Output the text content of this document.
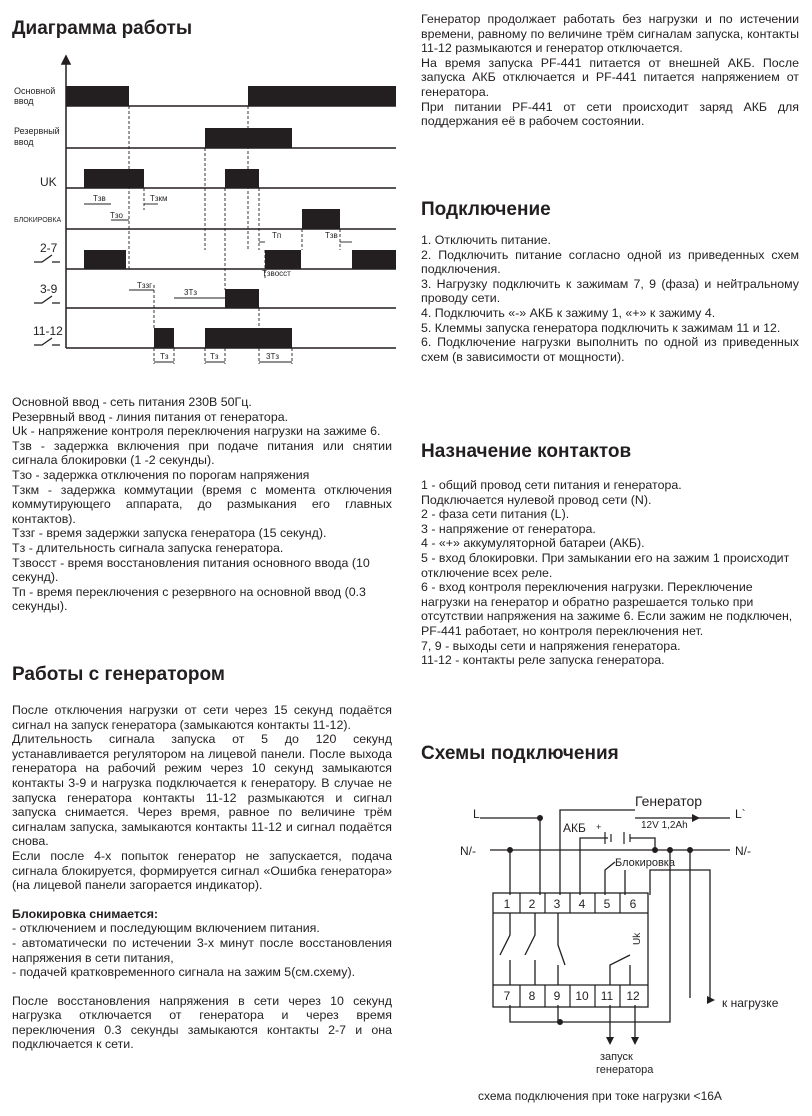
Диаграмма работы
Основной
ввод
Резервный
ввод
UK
БЛОКИРОВКА
2-7
3-9
11-12
Tзв	Tзкм
Tзо
Tп	Tзв
Tзвосст
Tззг
3Tз
Tз	Tз	3Tз

Основной ввод - сеть питания 230В 50Гц.

Резервный ввод - линия питания от генератора.

Uk - напряжение контроля переключения нагрузки на зажиме 6.

Тзв - задержка включения при подаче питания или снятии сигнала блокировки (1 -2 секунды).

Тзо - задержка отключения по порогам напряжения

Тзкм - задержка коммутации (время с момента отключения коммутирующего аппарата, до размыкания его главных контактов).

Тззг - время задержки запуска генератора (15 секунд).

Тз - длительность сигнала запуска генератора.

Тзвосст - время восстановления питания основного ввода (10 секунд).

Тп - время переключения с резервного на основной ввод (0.3 секунды).

Работы с генератором

После отключения нагрузки от сети через 15 секунд подаётся сигнал на запуск генератора (замыкаются контакты 11-12).

Длительность сигнала запуска от 5 до 120 секунд устанавливается регулятором на лицевой панели. После выхода генератора на рабочий режим через 10 секунд замыкаются контакты 3-9 и нагрузка подключается к генератору. В случае не запуска генератора контакты 11-12 размыкаются и сигнал запуска снимается. Через время, равное по величине трём сигналам запуска, замыкаются контакты 11-12 и сигнал подаётся снова.

Если после 4-х попыток генератор не запускается, подача сигнала блокируется, формируется сигнал «Ошибка генератора» (на лицевой панели загорается индикатор).

Блокировка снимается:

- отключением и последующим включением питания.

- автоматически по истечении 3-х минут после восстановления напряжения в сети питания,

- подачей кратковременного сигнала на зажим 5(см.схему).

После восстановления напряжения в сети через 10 секунд нагрузка отключается от генератора и через время переключения 0.3 секунды замыкаются контакты 2-7 и она подключается к сети.

Генератор продолжает работать без нагрузки и по истечении времени, равному по величине трём сигналам запуска, контакты 11-12 размыкаются и генератор отключается.

На время запуска PF-441 питается от внешней АКБ. После запуска АКБ отключается и PF-441 питается напряжением от генератора.

При питании PF-441 от сети происходит заряд АКБ для поддержания её в рабочем состоянии.

Подключение

1. Отключить питание.

2. Подключить питание согласно одной из приведенных схем подключения.

3. Нагрузку подключить к зажимам 7, 9 (фаза) и нейтральному проводу сети.

4. Подключить «-» АКБ к зажиму 1, «+» к зажиму 4.

5. Клеммы запуска генератора подключить к зажимам 11 и 12.

6. Подключение нагрузки выполнить по одной из приведенных схем (в зависимости от мощности).

Назначение контактов

1 - общий провод сети питания и генератора.

Подключается нулевой провод сети (N).

2 - фаза сети питания (L).

3 - напряжение от генератора.

4 - «+» аккумуляторной батареи (АКБ).

5 - вход блокировки. При замыкании его на зажим 1 происходит отключение всех реле.

6 - вход контроля переключения нагрузки. Переключение нагрузки на генератор и обратно разрешается только при отсутствии напряжения на зажиме 6. Если зажим не подключен, PF-441 работает, но контроля переключения нет.

7, 9 - выходы сети и напряжения генератора.

11-12 - контакты реле запуска генератора.

Схемы подключения
1 2 3 4 5 6
7 8 9 10 11 12
Генератор
L	L`
N/-	N/-
АКБ +	12V 1,2Ah
Блокировка
Uk
к нагрузке
запуск
генератора
схема подключения при токе нагрузки <16А
